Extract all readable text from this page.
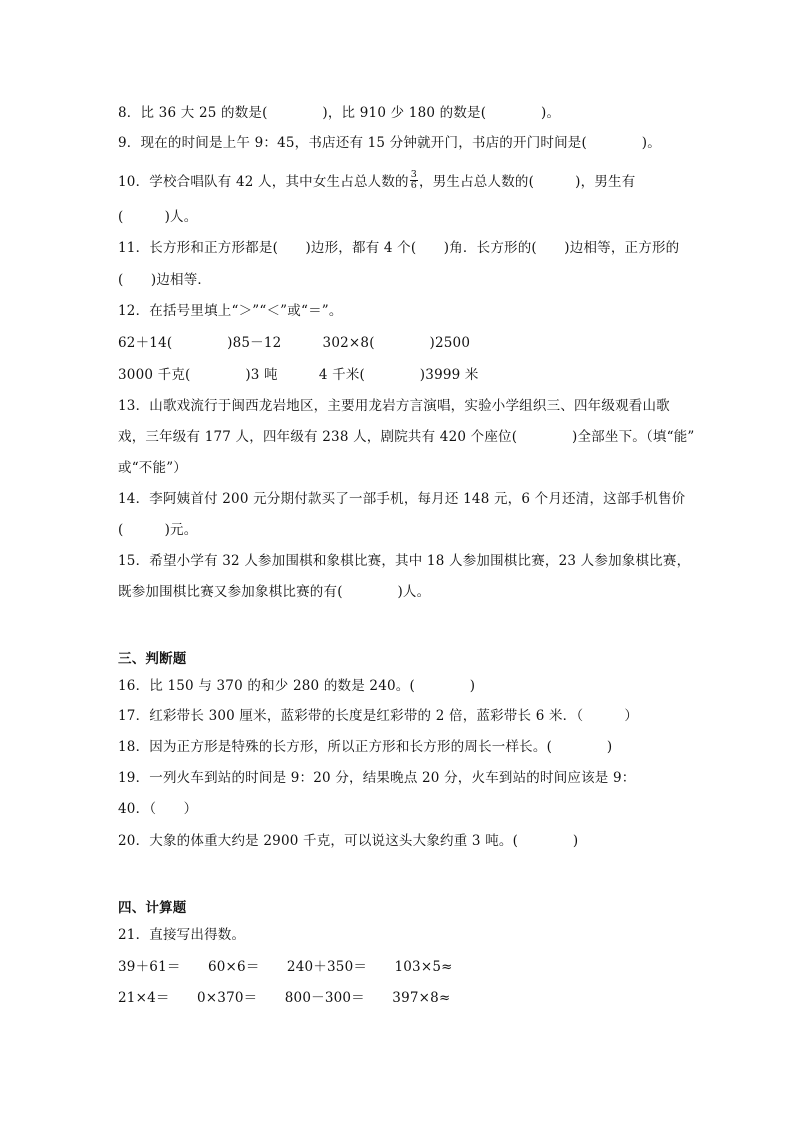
8．比 36 大 25 的数是(　　　　)，比 910 少 180 的数是(　　　　)。
9．现在的时间是上午 9：45，书店还有 15 分钟就开门，书店的开门时间是(　　　　)。
10．学校合唱队有 42 人，其中女生占总人数的 $\frac{3}{6}$ ，男生占总人数的(　　　)，男生有
(　　　)人。
11．长方形和正方形都是(　　)边形，都有 4 个(　　)角．长方形的(　　)边相等，正方形的
(　　)边相等．
12．在括号里填上“＞”“＜”或“＝”。
62＋14(　　　　)85－12　　　302×8(　　　　)2500
3000 千克(　　　　)3 吨　　　4 千米(　　　　)3999 米
13．山歌戏流行于闽西龙岩地区，主要用龙岩方言演唱，实验小学组织三、四年级观看山歌
戏，三年级有 177 人，四年级有 238 人，剧院共有 420 个座位(　　　　)全部坐下。（填“能”
或“不能”）
14．李阿姨首付 200 元分期付款买了一部手机，每月还 148 元，6 个月还清，这部手机售价
(　　　)元。
15．希望小学有 32 人参加围棋和象棋比赛，其中 18 人参加围棋比赛，23 人参加象棋比赛，
既参加围棋比赛又参加象棋比赛的有(　　　　)人。
三、判断题
16．比 150 与 370 的和少 280 的数是 240。(　　　　)
17．红彩带长 300 厘米，蓝彩带的长度是红彩带的 2 倍，蓝彩带长 6 米．（　　　）
18．因为正方形是特殊的长方形，所以正方形和长方形的周长一样长。(　　　　)
19．一列火车到站的时间是 9：20 分，结果晚点 20 分，火车到站的时间应该是 9：
40．（　　）
20．大象的体重大约是 2900 千克，可以说这头大象约重 3 吨。(　　　　)
四、计算题
21．直接写出得数。
39＋61＝　　60×6＝　　240＋350＝　　103×5≈
21×4＝　　0×370＝　　800－300＝　　397×8≈
